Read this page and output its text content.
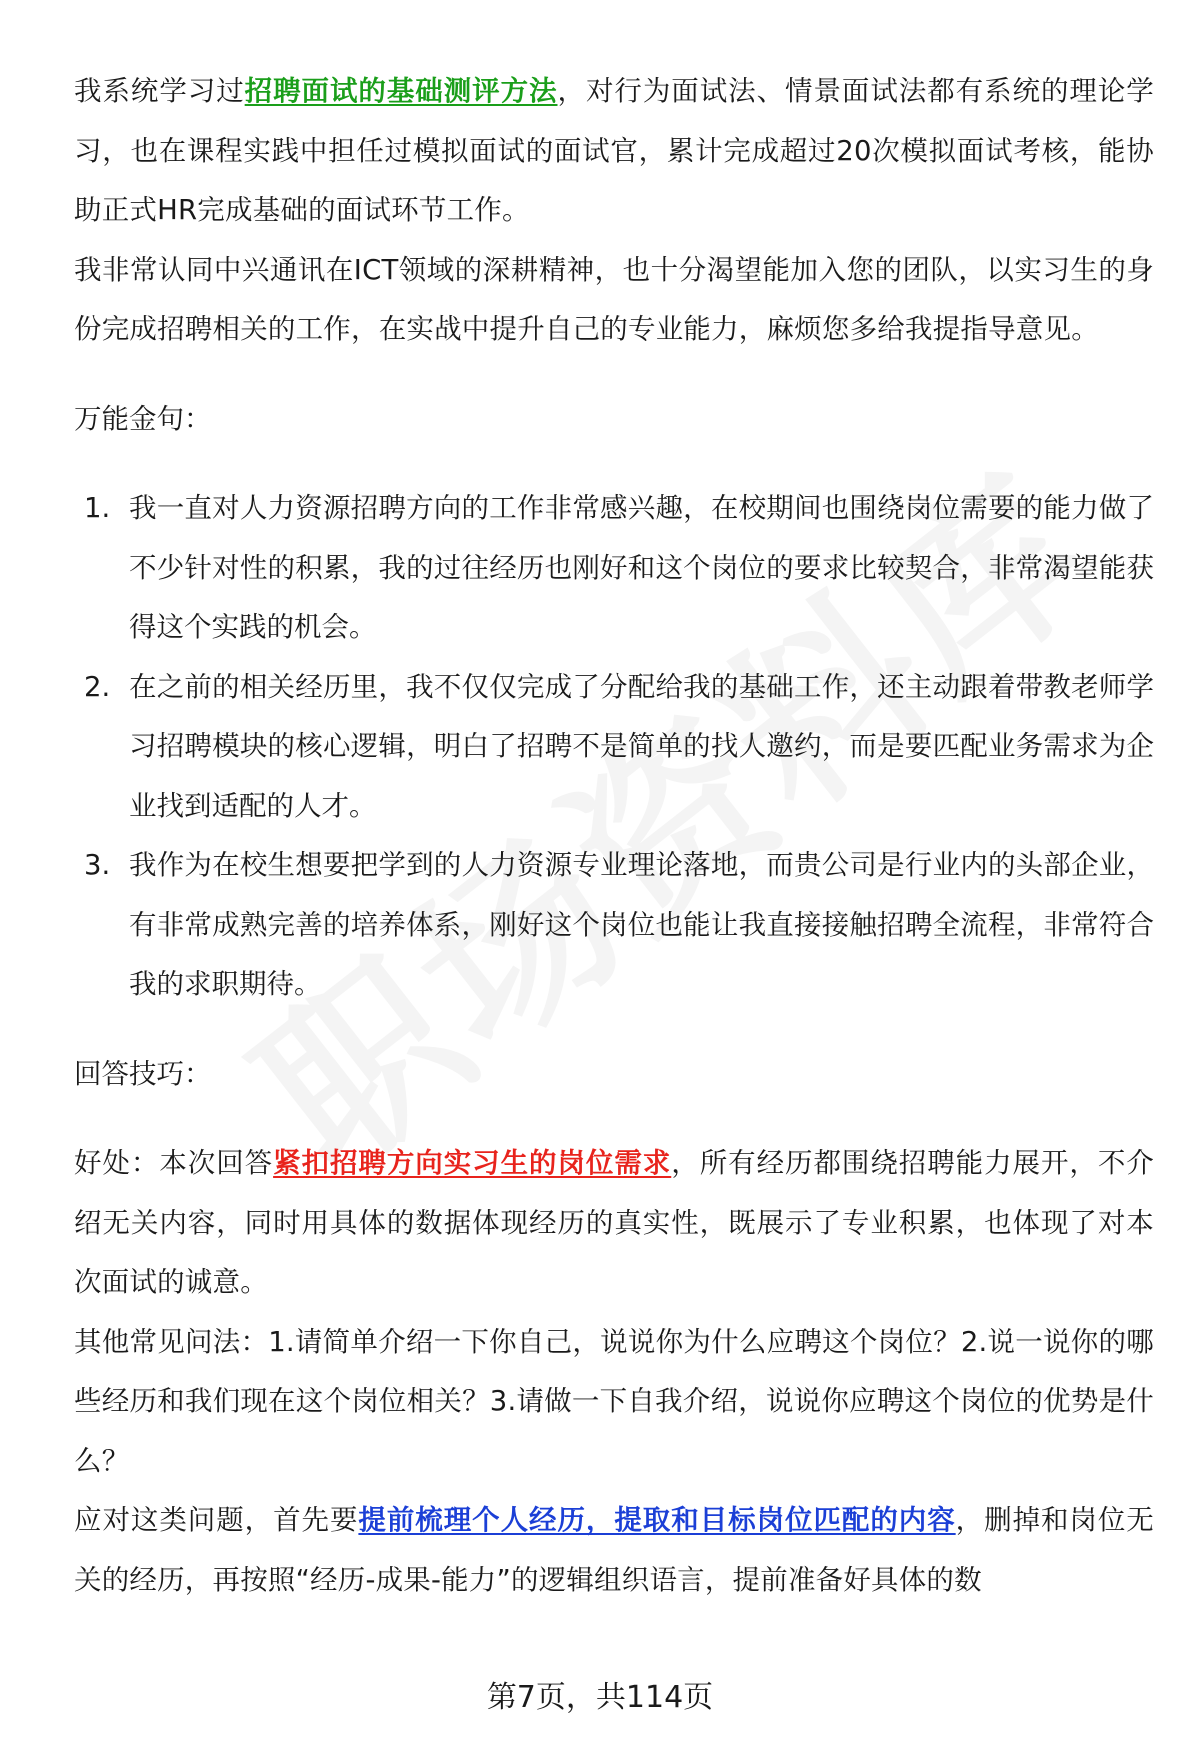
我系统学习过招聘面试的基础测评方法，对行为面试法、情景面试法都有系统的理论学习，也在课程实践中担任过模拟面试的面试官，累计完成超过20次模拟面试考核，能协助正式HR完成基础的面试环节工作。

我非常认同中兴通讯在ICT领域的深耕精神，也十分渴望能加入您的团队，以实习生的身份完成招聘相关的工作，在实战中提升自己的专业能力，麻烦您多给我提指导意见。

万能金句：

1. 我一直对人力资源招聘方向的工作非常感兴趣，在校期间也围绕岗位需要的能力做了不少针对性的积累，我的过往经历也刚好和这个岗位的要求比较契合，非常渴望能获得这个实践的机会。
2. 在之前的相关经历里，我不仅仅完成了分配给我的基础工作，还主动跟着带教老师学习招聘模块的核心逻辑，明白了招聘不是简单的找人邀约，而是要匹配业务需求为企业找到适配的人才。
3. 我作为在校生想要把学到的人力资源专业理论落地，而贵公司是行业内的头部企业，有非常成熟完善的培养体系，刚好这个岗位也能让我直接接触招聘全流程，非常符合我的求职期待。

回答技巧：

好处：本次回答紧扣招聘方向实习生的岗位需求，所有经历都围绕招聘能力展开，不介绍无关内容，同时用具体的数据体现经历的真实性，既展示了专业积累，也体现了对本次面试的诚意。

其他常见问法：1.请简单介绍一下你自己，说说你为什么应聘这个岗位？2.说一说你的哪些经历和我们现在这个岗位相关？3.请做一下自我介绍，说说你应聘这个岗位的优势是什么？

应对这类问题，首先要提前梳理个人经历，提取和目标岗位匹配的内容，删掉和岗位无关的经历，再按照“经历-成果-能力”的逻辑组织语言，提前准备好具体的数

第7页，共114页
